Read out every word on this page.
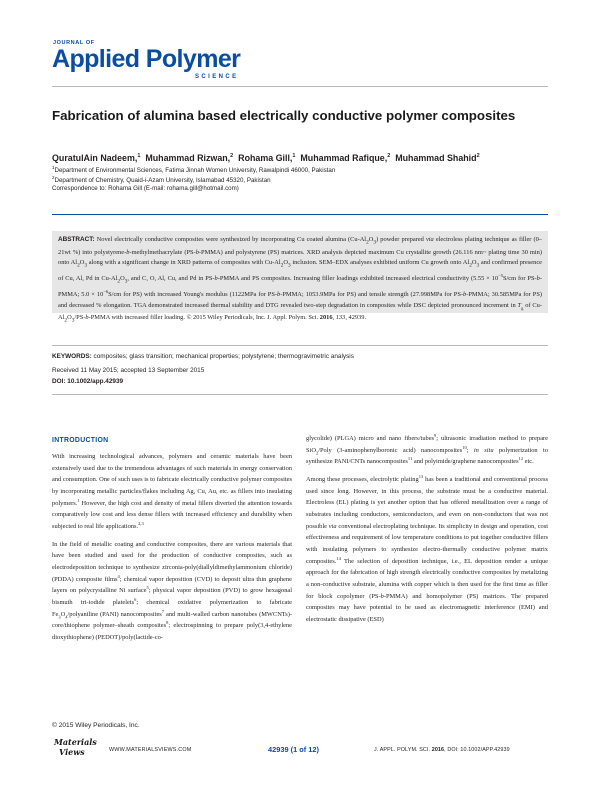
JOURNAL OF
Applied Polymer
SCIENCE
Fabrication of alumina based electrically conductive polymer composites
QuratulAin Nadeem,$^1$ Muhammad Rizwan,$^2$ Rohama Gill,$^1$ Muhammad Rafique,$^2$ Muhammad Shahid$^2$
$^1$Department of Environmental Sciences, Fatima Jinnah Women University, Rawalpindi 46000, Pakistan
$^2$Department of Chemistry, Quaid-i-Azam University, Islamabad 45320, Pakistan
Correspondence to: Rohama Gill (E-mail: rohama.gill@hotmail.com)
ABSTRACT: Novel electrically conductive composites were synthesized by incorporating Cu coated alumina $(Cu-Al_2O_3)$ powder prepared via electroless plating technique as filler (0–21wt %) into polystyrene-b-methylmethacrylate (PS-b-PMMA) and polystyrene (PS) matrices. XRD analysis depicted maximum Cu crystallite growth (26.116 nm~ plating time 30 min) onto $Al_2O_3$ along with a significant change in XRD patterns of composites with $Cu-Al_2O_3$ inclusion. SEM–EDX analyses exhibited uniform Cu growth onto $Al_2O_3$ and confirmed presence of Cu, Al, Pd in $Cu-Al_2O_3$, and C, O, Al, Cu, and Pd in PS-b-PMMA and PS composites. Increasing filler loadings exhibited increased electrical conductivity ($5.55 \times 10^{-5}S/cm$ for PS-b-PMMA; $5.0 \times 10^{-6}S/cm$ for PS) with increased Young's modulus (1122MPa for PS-b-PMMA; 1053.9MPa for PS) and tensile strength (27.998MPa for PS-b-PMMA; 30.585MPa for PS) and decreased % elongation. TGA demonstrated increased thermal stability and DTG revealed two-step degradation in composites while DSC depicted pronounced increment in $T_g$ of $Cu-Al_2O_3/PS-b$-PMMA with increased filler loading. © 2015 Wiley Periodicals, Inc. J. Appl. Polym. Sci. 2016, 133, 42939.
KEYWORDS: composites; glass transition; mechanical properties; polystyrene; thermogravimetric analysis
Received 11 May 2015; accepted 13 September 2015
DOI: 10.1002/app.42939
INTRODUCTION

With increasing technological advances, polymers and ceramic materials have been extensively used due to the tremendous advantages of such materials in energy conservation and consumption. One of such uses is to fabricate electrically conductive polymer composites by incorporating metallic particles/flakes including Ag, Cu, Au, etc. as fillers into insulating polymers.$^1$ However, the high cost and density of metal fillers diverted the attention towards comparatively low cost and less dense fillers with increased efficiency and durability when subjected to real life applications.$^{2,3}$

In the field of metallic coating and conductive composites, there are various materials that have been studied and used for the production of conductive composites, such as electrodeposition technique to synthesize zirconia-poly(diallyldimethylammonium chloride) (PDDA) composite films$^4$; chemical vapor deposition (CVD) to deposit ultra thin graphene layers on polycrystalline Ni surface$^5$; physical vapor deposition (PVD) to grow hexagonal bismuth tri-iodide platelets$^6$; chemical oxidative polymerization to fabricate $Fe_3O_4$/polyaniline (PANI) nanocomposites$^7$ and multi-walled carbon nanotubes (MWCNTs)-core/thiophene polymer–sheath composites$^8$; electrospinning to prepare poly(3,4-ethylene dioxythiophene) (PEDOT)/poly(lactide-co-

glycolide) (PLGA) micro and nano fibers/tubes$^9$; ultrasonic irradiation method to prepare SiO$_2$/Poly (3-aminophenylboronic acid) nanocomposites$^{10}$; in situ polymerization to synthesize PANI/CNTs nanocomposites$^{11}$ and polyimide/graphene nanocomposites$^{12}$ etc.

Among these processes, electrolytic plating$^{13}$ has been a traditional and conventional process used since long. However, in this process, the substrate must be a conductive material. Electroless (EL) plating is yet another option that has offered metallization over a range of substrates including conductors, semiconductors, and even on non-conductors that was not possible via conventional electroplating technique. Its simplicity in design and operation, cost effectiveness and requirement of low temperature conditions to put together conductive fillers with insulating polymers to synthesize electro-thermally conductive polymer matrix composites.$^{14}$ The selection of deposition technique, i.e., EL deposition render a unique approach for the fabrication of high strength electrically conductive composites by metalizing a non-conductive substrate, alumina with copper which is then used for the first time as filler for block copolymer (PS-b-PMMA) and homopolymer (PS) matrices. The prepared composites may have potential to be used as electromagnetic interference (EMI) and electrostatic dissipative (ESD)

© 2015 Wiley Periodicals, Inc.
Materials
Views	WWW.MATERIALSVIEWS.COM	42939 (1 of 12)	J. APPL. POLYM. SCI. 2016, DOI: 10.1002/APP.42939
